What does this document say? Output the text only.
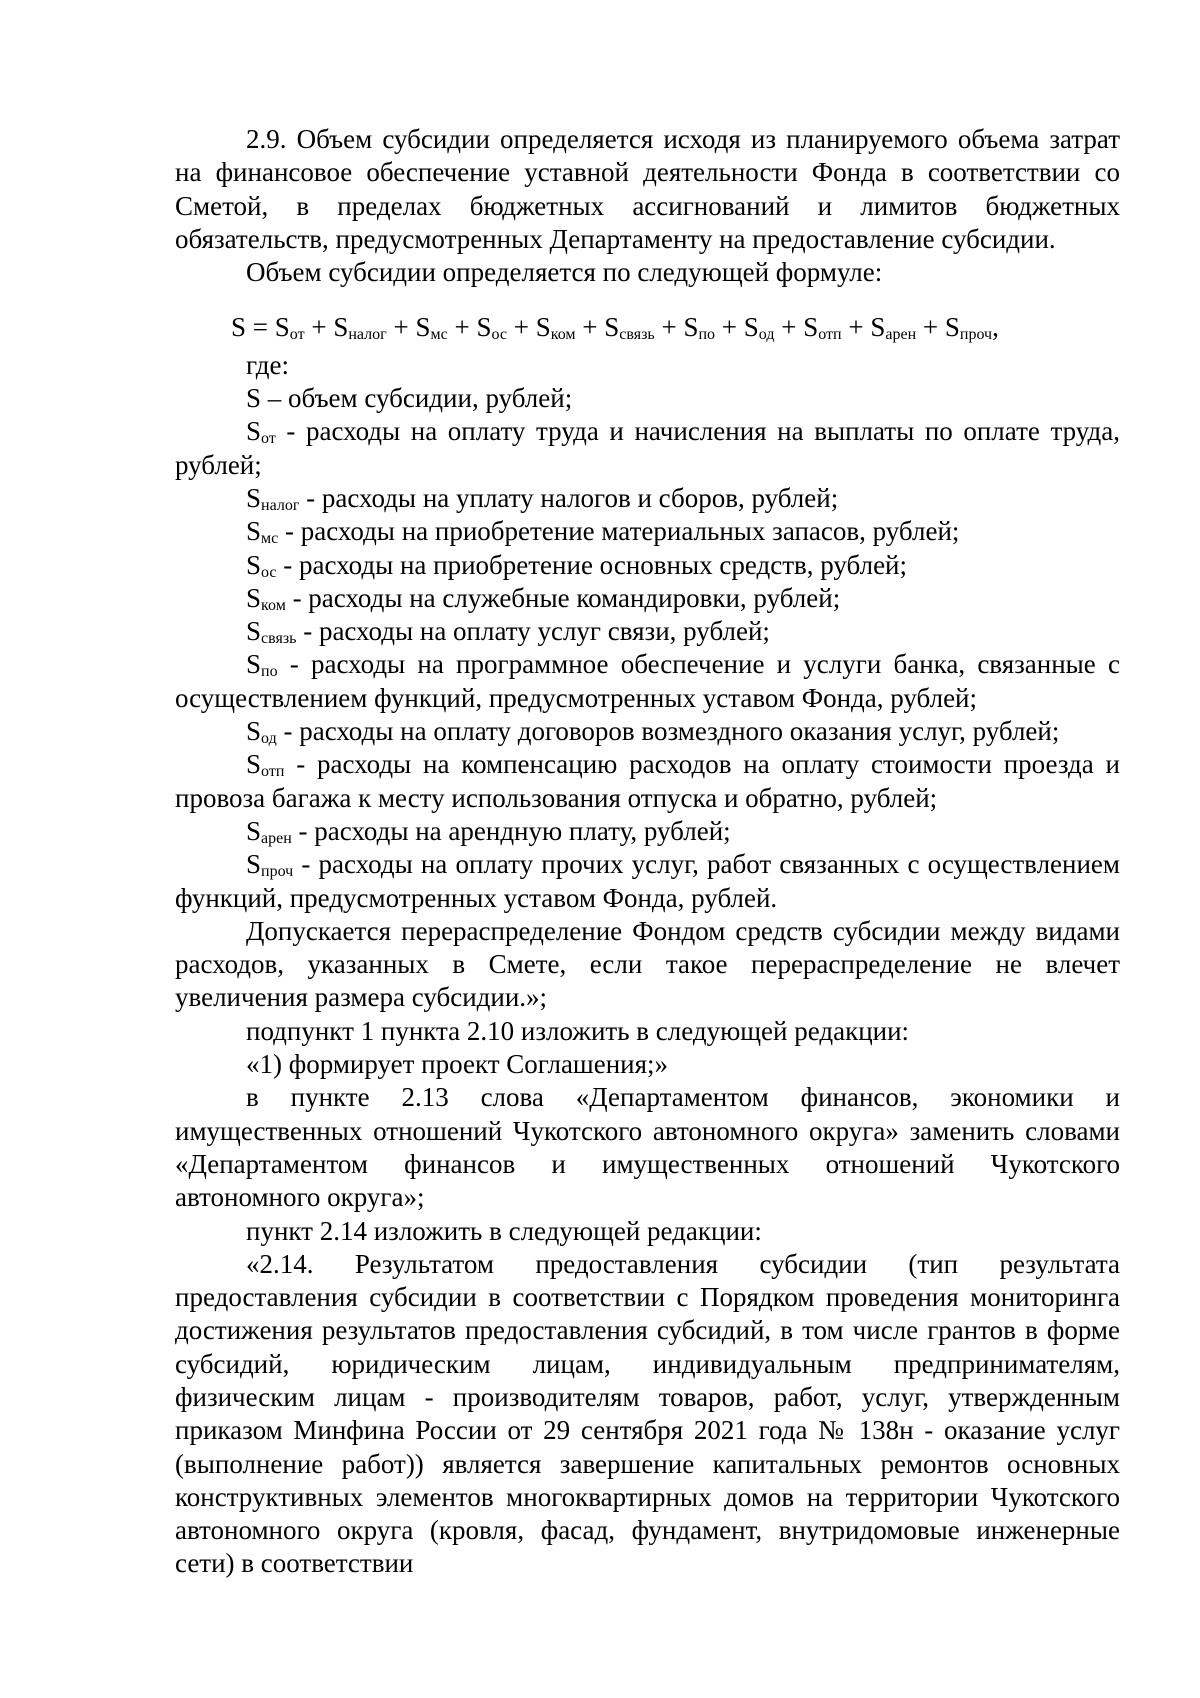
2.9. Объем субсидии определяется исходя из планируемого объема затрат на финансовое обеспечение уставной деятельности Фонда в соответствии со Сметой, в пределах бюджетных ассигнований и лимитов бюджетных обязательств, предусмотренных Департаменту на предоставление субсидии.

Объем субсидии определяется по следующей формуле:

$S = S_{от} + S_{налог} + S_{мс} + S_{ос} + S_{ком} + S_{связь} + S_{по} + S_{од} + S_{отп} + S_{арен} + S_{проч}$,

где:

S – объем субсидии, рублей;

$S_{от}$ - расходы на оплату труда и начисления на выплаты по оплате труда, рублей;

$S_{налог}$ - расходы на уплату налогов и сборов, рублей;

$S_{мс}$ - расходы на приобретение материальных запасов, рублей;

$S_{ос}$ - расходы на приобретение основных средств, рублей;

$S_{ком}$ - расходы на служебные командировки, рублей;

$S_{связь}$ - расходы на оплату услуг связи, рублей;

$S_{по}$ - расходы на программное обеспечение и услуги банка, связанные с осуществлением функций, предусмотренных уставом Фонда, рублей;

$S_{од}$ - расходы на оплату договоров возмездного оказания услуг, рублей;

$S_{отп}$ - расходы на компенсацию расходов на оплату стоимости проезда и провоза багажа к месту использования отпуска и обратно, рублей;

$S_{арен}$ - расходы на арендную плату, рублей;

$S_{проч}$ - расходы на оплату прочих услуг, работ связанных с осуществлением функций, предусмотренных уставом Фонда, рублей.

Допускается перераспределение Фондом средств субсидии между видами расходов, указанных в Смете, если такое перераспределение не влечет увеличения размера субсидии.»;

подпункт 1 пункта 2.10 изложить в следующей редакции:

«1) формирует проект Соглашения;»

в пункте 2.13 слова «Департаментом финансов, экономики и имущественных отношений Чукотского автономного округа» заменить словами «Департаментом финансов и имущественных отношений Чукотского автономного округа»;

пункт 2.14 изложить в следующей редакции:

«2.14. Результатом предоставления субсидии (тип результата предоставления субсидии в соответствии с Порядком проведения мониторинга достижения результатов предоставления субсидий, в том числе грантов в форме субсидий, юридическим лицам, индивидуальным предпринимателям, физическим лицам - производителям товаров, работ, услуг, утвержденным приказом Минфина России от 29 сентября 2021 года № 138н - оказание услуг (выполнение работ)) является завершение капитальных ремонтов основных конструктивных элементов многоквартирных домов на территории Чукотского автономного округа (кровля, фасад, фундамент, внутридомовые инженерные сети) в соответствии
